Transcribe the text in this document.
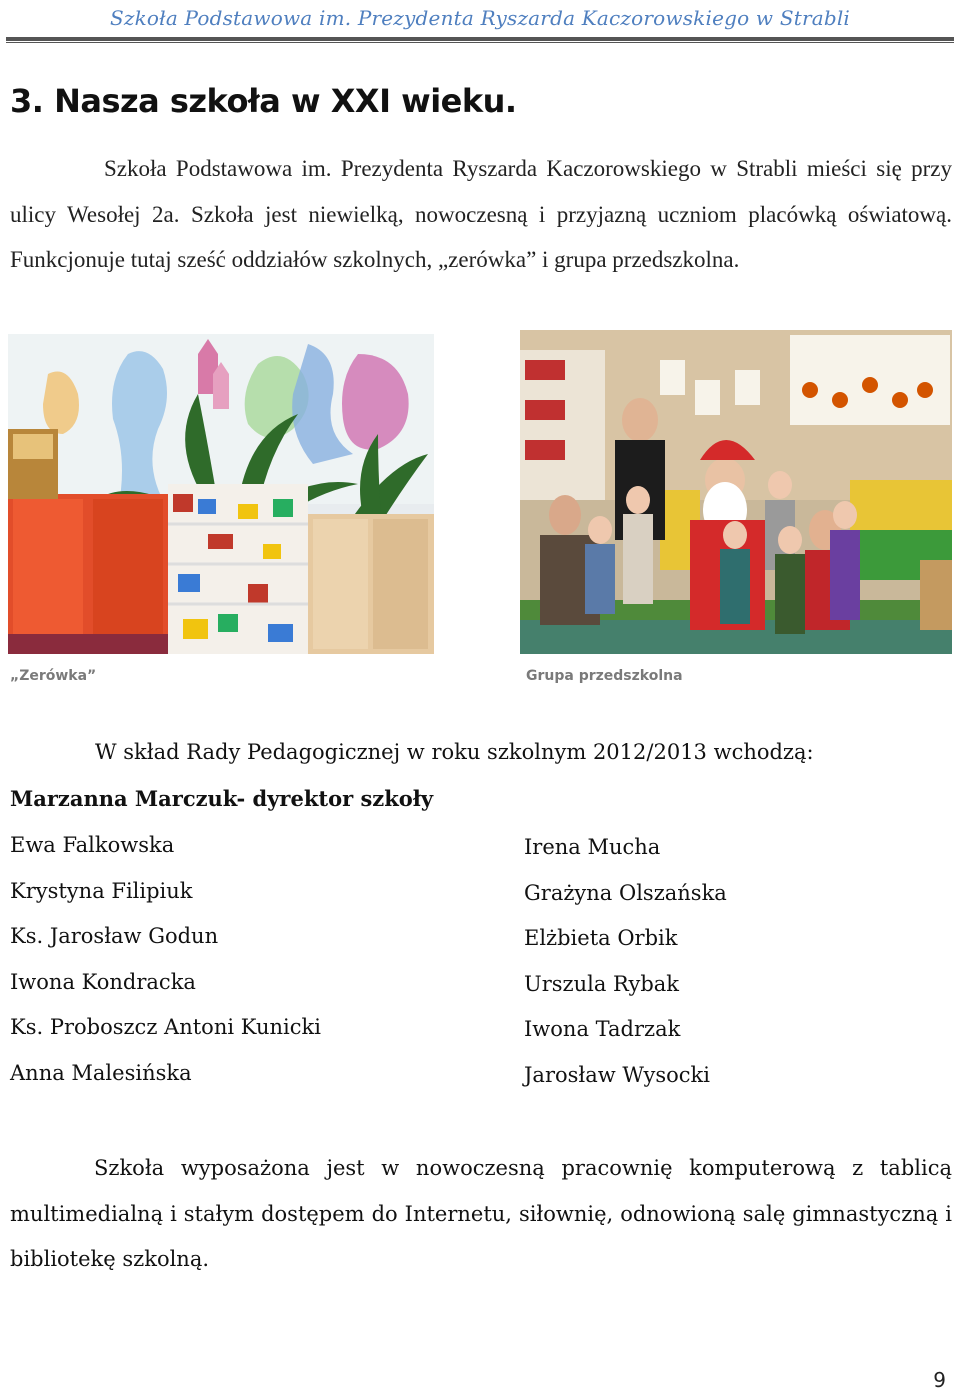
Szkoła Podstawowa im. Prezydenta Ryszarda Kaczorowskiego w Strabli
3. Nasza szkoła w XXI wieku.
Szkoła Podstawowa im. Prezydenta Ryszarda Kaczorowskiego w Strabli mieści się przy ulicy Wesołej 2a. Szkoła jest niewielką, nowoczesną i przyjazną uczniom placówką oświatową. Funkcjonuje tutaj sześć oddziałów szkolnych, „zerówka” i grupa przedszkolna.
„Zerówka”	Grupa przedszkolna
W skład Rady Pedagogicznej w roku szkolnym 2012/2013 wchodzą:
Marzanna Marczuk- dyrektor szkoły
Ewa Falkowska
Krystyna Filipiuk
Ks. Jarosław Godun
Iwona Kondracka
Ks. Proboszcz Antoni Kunicki
Anna Malesińska
Irena Mucha
Grażyna Olszańska
Elżbieta Orbik
Urszula Rybak
Iwona Tadrzak
Jarosław Wysocki
Szkoła wyposażona jest w nowoczesną pracownię komputerową z tablicą multimedialną i stałym dostępem do Internetu, siłownię, odnowioną salę gimnastyczną i bibliotekę szkolną.
9
